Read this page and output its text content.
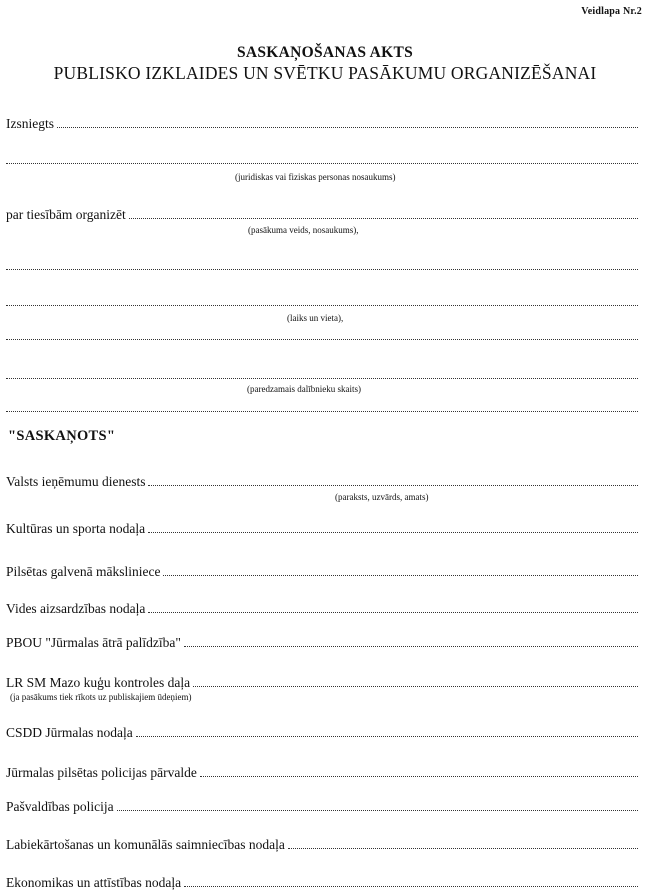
Veidlapa Nr.2
SASKAŅOŠANAS AKTS
PUBLISKO IZKLAIDES UN SVĒTKU PASĀKUMU ORGANIZĒŠANAI
Izsniegts
(juridiskas vai fiziskas personas nosaukums)
par tiesībām organizēt
(pasākuma veids, nosaukums),
(laiks un vieta),
(paredzamais dalībnieku skaits)
"SASKAŅOTS"
Valsts ieņēmumu dienests
(paraksts, uzvārds, amats)
Kultūras un sporta nodaļa
Pilsētas galvenā māksliniece
Vides aizsardzības nodaļa
PBOU "Jūrmalas ātrā palīdzība"
LR SM Mazo kuģu kontroles daļa
(ja pasākums tiek rīkots uz publiskajiem ūdeņiem)
CSDD Jūrmalas nodaļa
Jūrmalas pilsētas policijas pārvalde
Pašvaldības policija
Labiekārtošanas un komunālās saimniecības nodaļa
Ekonomikas un attīstības nodaļa
